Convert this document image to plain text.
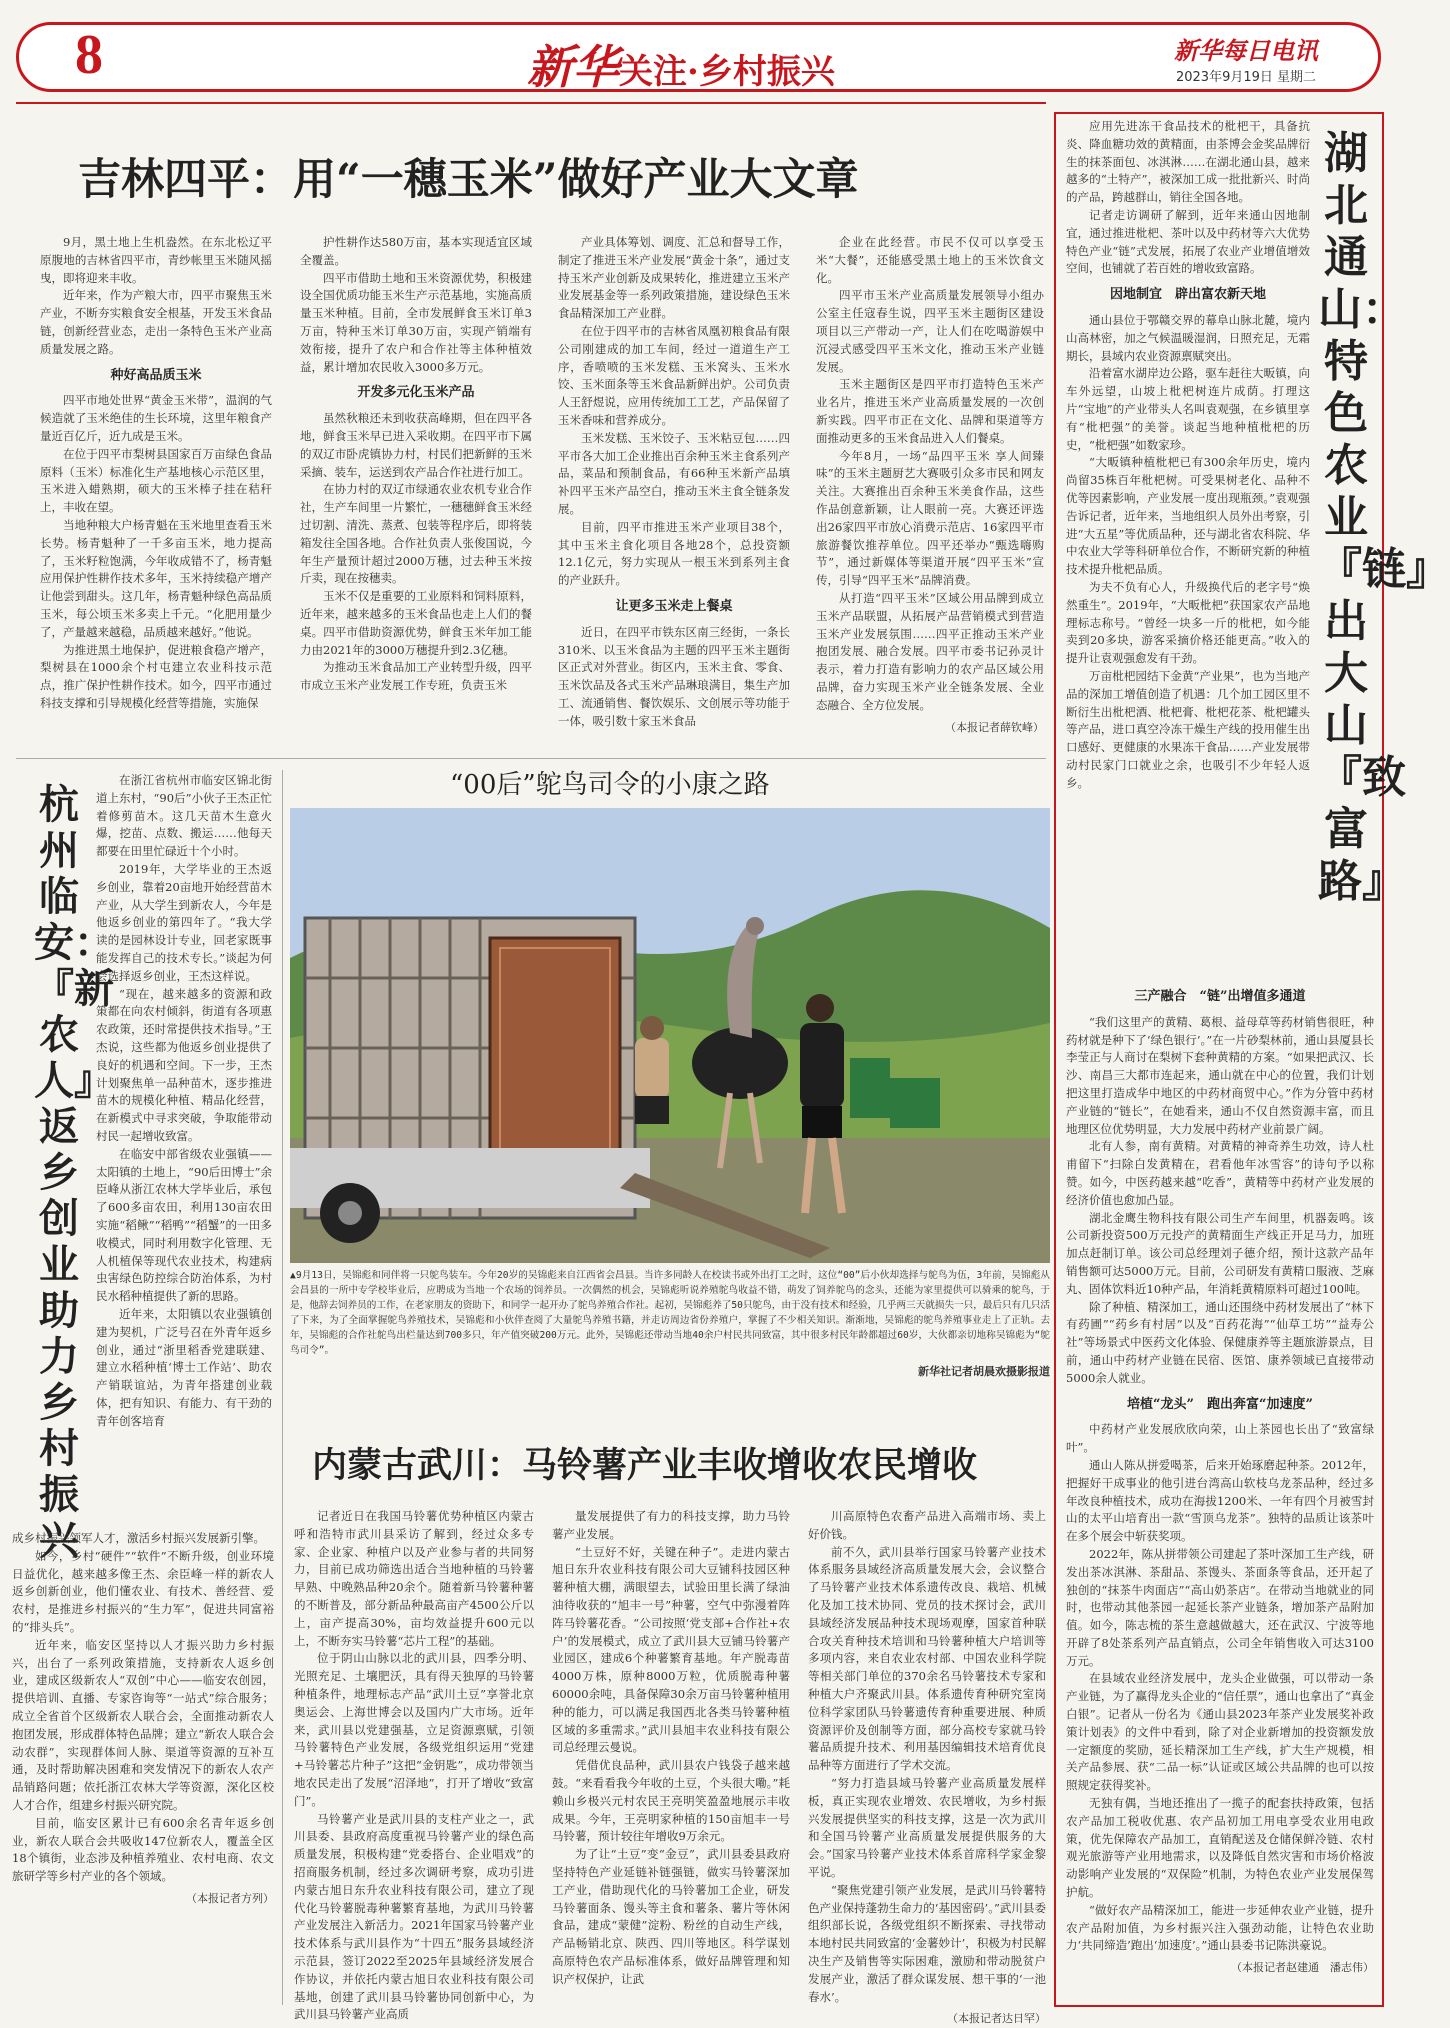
8	新华关注·乡村振兴
新华每日电讯
2023年9月19日 星期二
吉林四平：用“一穗玉米”做好产业大文章

9月，黑土地上生机盎然。在东北松辽平原腹地的吉林省四平市，青纱帐里玉米随风摇曳，即将迎来丰收。

近年来，作为产粮大市，四平市聚焦玉米产业，不断夯实粮食安全根基，开发玉米食品链，创新经营业态，走出一条特色玉米产业高质量发展之路。

种好高品质玉米

四平市地处世界“黄金玉米带”，温润的气候造就了玉米绝佳的生长环境，这里年粮食产量近百亿斤，近九成是玉米。

在位于四平市梨树县国家百万亩绿色食品原料（玉米）标准化生产基地核心示范区里，玉米进入蜡熟期，硕大的玉米棒子挂在秸秆上，丰收在望。

当地种粮大户杨青魁在玉米地里查看玉米长势。杨青魁种了一千多亩玉米，地力提高了，玉米籽粒饱满，今年收成错不了，杨青魁应用保护性耕作技术多年，玉米持续稳产增产让他尝到甜头。这几年，杨青魁种绿色高品质玉米，每公顷玉米多卖上千元。“化肥用量少了，产量越来越稳，品质越来越好。”他说。

为推进黑土地保护，促进粮食稳产增产，梨树县在1000余个村屯建立农业科技示范点，推广保护性耕作技术。如今，四平市通过科技支撑和引导规模化经营等措施，实施保

护性耕作达580万亩，基本实现适宜区域全覆盖。

四平市借助土地和玉米资源优势，积极建设全国优质功能玉米生产示范基地，实施高质量玉米种植。目前，全市发展鲜食玉米订单3万亩，特种玉米订单30万亩，实现产销端有效衔接，提升了农户和合作社等主体种植效益，累计增加农民收入3000多万元。

开发多元化玉米产品

虽然秋粮还未到收获高峰期，但在四平各地，鲜食玉米早已进入采收期。在四平市下属的双辽市卧虎镇协力村，村民们把新鲜的玉米采摘、装车，运送到农产品合作社进行加工。

在协力村的双辽市绿通农业农机专业合作社，生产车间里一片繁忙，一穗穗鲜食玉米经过切割、清洗、蒸煮、包装等程序后，即将装箱发往全国各地。合作社负责人张俊国说，今年生产量预计超过2000万穗，过去种玉米按斤卖，现在按穗卖。

玉米不仅是重要的工业原料和饲料原料，近年来，越来越多的玉米食品也走上人们的餐桌。四平市借助资源优势，鲜食玉米年加工能力由2021年的3000万穗提升到2.3亿穗。

为推动玉米食品加工产业转型升级，四平市成立玉米产业发展工作专班，负责玉米

产业具体筹划、调度、汇总和督导工作，制定了推进玉米产业发展“黄金十条”，通过支持玉米产业创新及成果转化，推进建立玉米产业发展基金等一系列政策措施，建设绿色玉米食品精深加工产业群。

在位于四平市的吉林省凤凰初粮食品有限公司刚建成的加工车间，经过一道道生产工序，香喷喷的玉米发糕、玉米窝头、玉米水饺、玉米面条等玉米食品新鲜出炉。公司负责人王舒煜说，应用传统加工工艺，产品保留了玉米香味和营养成分。

玉米发糕、玉米饺子、玉米粘豆包……四平市各大加工企业推出百余种玉米主食系列产品，菜品和预制食品，有66种玉米新产品填补四平玉米产品空白，推动玉米主食全链条发展。

目前，四平市推进玉米产业项目38个，其中玉米主食化项目各地28个，总投资额12.1亿元，努力实现从一根玉米到系列主食的产业跃升。

让更多玉米走上餐桌

近日，在四平市铁东区南三经街，一条长310米、以玉米食品为主题的四平玉米主题街区正式对外营业。街区内，玉米主食、零食、玉米饮品及各式玉米产品琳琅满目，集生产加工、流通销售、餐饮娱乐、文创展示等功能于一体，吸引数十家玉米食品

企业在此经营。市民不仅可以享受玉米“大餐”，还能感受黑土地上的玉米饮食文化。

四平市玉米产业高质量发展领导小组办公室主任寇春生说，四平玉米主题街区建设项目以三产带动一产，让人们在吃喝游娱中沉浸式感受四平玉米文化，推动玉米产业链发展。

玉米主题街区是四平市打造特色玉米产业名片，推进玉米产业高质量发展的一次创新实践。四平市正在文化、品牌和渠道等方面推动更多的玉米食品进入人们餐桌。

今年8月，一场“品四平玉米 享人间臻味”的玉米主题厨艺大赛吸引众多市民和网友关注。大赛推出百余种玉米美食作品，这些作品创意新颖，让人眼前一亮。大赛还评选出26家四平市放心消费示范店、16家四平市旅游餐饮推荐单位。四平还举办“甄选嗨购节”，通过新媒体等渠道开展“四平玉米”宣传，引导“四平玉米”品牌消费。

从打造“四平玉米”区域公用品牌到成立玉米产品联盟，从拓展产品营销模式到营造玉米产业发展氛围……四平正推动玉米产业抱团发展、融合发展。四平市委书记孙灵计表示，着力打造有影响力的农产品区域公用品牌，奋力实现玉米产业全链条发展、全业态融合、全方位发展。

（本报记者薛钦峰）
杭州临安：『新农人』返乡创业助力乡村振兴

在浙江省杭州市临安区锦北街道上东村，“90后”小伙子王杰正忙着修剪苗木。这几天苗木生意火爆，挖苗、点数、搬运……他每天都要在田里忙碌近十个小时。

2019年，大学毕业的王杰返乡创业，靠着20亩地开始经营苗木产业，从大学生到新农人，今年是他返乡创业的第四年了。“我大学读的是园林设计专业，回老家既事能发挥自己的技术专长。”谈起为何会选择返乡创业，王杰这样说。

“现在，越来越多的资源和政策都在向农村倾斜，街道有各项惠农政策，还时常提供技术指导。”王杰说，这些都为他返乡创业提供了良好的机遇和空间。下一步，王杰计划聚焦单一品种苗木，逐步推进苗木的规模化种植、精品化经营，在新模式中寻求突破，争取能带动村民一起增收致富。

在临安中部省级农业强镇——太阳镇的土地上，“90后田博士”余臣峰从浙江农林大学毕业后，承包了600多亩农田，利用130亩农田实施“稻鳅”“稻鸭”“稻蟹”的一田多收模式，同时利用数字化管理、无人机植保等现代农业技术，构建病虫害绿色防控综合防治体系，为村民水稻种植提供了新的思路。

近年来，太阳镇以农业强镇创建为契机，广泛号召在外青年返乡创业，通过“浙里稻香党建联建、建立水稻种植‘博士工作站’、助农产销联谊站，为青年搭建创业载体，把有知识、有能力、有干劲的青年创客培育

成乡村振兴领军人才，激活乡村振兴发展新引擎。

如今，乡村“硬件”“软件”不断升级，创业环境日益优化，越来越多像王杰、余臣峰一样的新农人返乡创新创业，他们懂农业、有技术、善经营、爱农村，是推进乡村振兴的“生力军”，促进共同富裕的“排头兵”。

近年来，临安区坚持以人才振兴助力乡村振兴，出台了一系列政策措施，支持新农人返乡创业，建成区级新农人“双创”中心——临安农创园，提供培训、直播、专家咨询等“一站式”综合服务；成立全省首个区级新农人联合会，全面推动新农人抱团发展，形成群体特色品牌；建立“新农人联合会动农群”，实现群体间人脉、渠道等资源的互补互通，及时帮助解决困难和突发情况下的新农人农产品销路问题；依托浙江农林大学等资源，深化区校人才合作，组建乡村振兴研究院。

目前，临安区累计已有600余名青年返乡创业，新农人联合会共吸收147位新农人，覆盖全区18个镇街，业态涉及种植养殖业、农村电商、农文旅研学等乡村产业的各个领域。

（本报记者方列）
“00后”鸵鸟司令的小康之路
▲9月13日，吴锦彪和同伴将一只鸵鸟装车。今年20岁的吴锦彪来自江西省会昌县。当许多同龄人在校读书或外出打工之时，这位“00”后小伙却选择与鸵鸟为伍，3年前，吴锦彪从会昌县的一所中专学校毕业后，应聘成为当地一个农场的饲养员。一次偶然的机会，吴锦彪听说养殖鸵鸟收益不错，萌发了饲养鸵鸟的念头，还能为家里提供可以骑乘的鸵鸟，于是，他辞去饲养员的工作，在老家朋友的资助下，和同学一起开办了鸵鸟养殖合作社。起初，吴锦彪养了50只鸵鸟，由于没有技术和经验，几乎两三天就损失一只，最后只有几只活了下来，为了全面掌握鸵鸟养殖技术，吴锦彪和小伙伴查阅了大量鸵鸟养殖书籍，并走访周边省份养殖户，掌握了不少相关知识。渐渐地，吴锦彪的鸵鸟养殖事业走上了正轨。去年，吴锦彪的合作社鸵鸟出栏量达到700多只，年产值突破200万元。此外，吴锦彪还带动当地40余户村民共同致富，其中很多村民年龄都超过60岁，大伙都亲切地称吴锦彪为“鸵鸟司令”。
新华社记者胡晨欢摄影报道
内蒙古武川：马铃薯产业丰收增收农民增收

记者近日在我国马铃薯优势种植区内蒙古呼和浩特市武川县采访了解到，经过众多专家、企业家、种植户以及产业参与者的共同努力，目前已成功筛选出适合当地种植的马铃薯早熟、中晚熟品种20余个。随着新马铃薯种薯的不断普及，部分新品种最高亩产4500公斤以上，亩产提高30%，亩均效益提升600元以上，不断夯实马铃薯“芯片工程”的基础。

位于阴山山脉以北的武川县，四季分明、光照充足、土壤肥沃，具有得天独厚的马铃薯种植条件，地理标志产品“武川土豆”享誉北京奥运会、上海世博会以及国内广大市场。近年来，武川县以党建强基，立足资源禀赋，引领马铃薯特色产业发展，各级党组织运用“党建+马铃薯芯片种子”这把“金钥匙”，成功带领当地农民走出了发展“沼泽地”，打开了增收“致富门”。

马铃薯产业是武川县的支柱产业之一，武川县委、县政府高度重视马铃薯产业的绿色高质量发展，积极构建“党委搭台、企业唱戏”的招商服务机制，经过多次调研考察，成功引进内蒙古旭日东升农业科技有限公司，建立了现代化马铃薯脱毒种薯繁育基地，为武川马铃薯产业发展注入新活力。2021年国家马铃薯产业技术体系与武川县作为“十四五”服务县域经济示范县，签订2022至2025年县域经济发展合作协议，并依托内蒙古旭日农业科技有限公司基地，创建了武川县马铃薯协同创新中心，为武川县马铃薯产业高质

量发展提供了有力的科技支撑，助力马铃薯产业发展。

“土豆好不好，关键在种子”。走进内蒙古旭日东升农业科技有限公司大豆铺科技园区种薯种植大棚，满眼望去，试验田里长满了绿油油待收获的“旭丰一号”种薯，空气中弥漫着阵阵马铃薯花香。“公司按照‘党支部+合作社+农户’的发展模式，成立了武川县大豆铺马铃薯产业园区，建成6个种薯繁育基地。年产脱毒苗4000万株，原种8000万粒，优质脱毒种薯60000余吨，具备保障30余万亩马铃薯种植用种的能力，可以满足我国西北各类马铃薯种植区域的多重需求。”武川县旭丰农业科技有限公司总经理云曼说。

凭借优良品种，武川县农户钱袋子越来越鼓。“来看看我今年收的土豆，个头很大嘞。”耗赖山乡极兴元村农民王亮明笑盈盈地展示丰收成果。今年，王亮明家种植的150亩旭丰一号马铃薯，预计较往年增收9万余元。

为了让“土豆”变“金豆”，武川县委县政府坚持特色产业延链补链强链，做实马铃薯深加工产业，借助现代化的马铃薯加工企业，研发马铃薯面条、馒头等主食和薯条、薯片等休闲食品，建成“蒙健”淀粉、粉丝的自动生产线，产品畅销北京、陕西、四川等地区。科学谋划高原特色农产品标准体系，做好品牌管理和知识产权保护，让武

川高原特色农畜产品进入高端市场、卖上好价钱。

前不久，武川县举行国家马铃薯产业技术体系服务县域经济高质量发展大会，会议整合了马铃薯产业技术体系遗传改良、栽培、机械化及加工技术协同、党员的技术探讨会，武川县域经济发展品种技术现场观摩，国家首种联合攻关育种技术培训和马铃薯种植大户培训等多项内容，来自农业农村部、中国农业科学院等相关部门单位的370余名马铃薯技术专家和种植大户齐聚武川县。体系遗传育种研究室岗位科学家团队马铃薯遗传育种重要进展、种质资源评价及创制等方面，部分高校专家就马铃薯品质提升技术、利用基因编辑技术培育优良品种等方面进行了学术交流。

“努力打造县域马铃薯产业高质量发展样板，真正实现农业增效、农民增收，为乡村振兴发展提供坚实的科技支撑，这是一次为武川和全国马铃薯产业高质量发展提供服务的大会。”国家马铃薯产业技术体系首席科学家金黎平说。

“聚焦党建引领产业发展，是武川马铃薯特色产业保持蓬勃生命力的‘基因密码’。”武川县委组织部长说，各级党组织不断探索、寻找带动本地村民共同致富的‘金薯妙计’，积极为村民解决生产及销售等实际困难，激励和带动脱贫户发展产业，激活了群众谋发展、想干事的‘一池春水’。

（本报记者达日罕）
湖北通山：特色农业『链』出大山『致富路』

应用先进冻干食品技术的枇杷干，具备抗炎、降血糖功效的黄精面，由茶博会金奖品牌衍生的抹茶面包、冰淇淋……在湖北通山县，越来越多的“土特产”，被深加工成一批批新兴、时尚的产品，跨越群山，销往全国各地。

记者走访调研了解到，近年来通山因地制宜，通过推进枇杷、茶叶以及中药材等六大优势特色产业“链”式发展，拓展了农业产业增值增效空间，也铺就了若百姓的增收致富路。

因地制宜　辟出富农新天地

通山县位于鄂赣交界的幕阜山脉北麓，境内山高林密，加之气候温暖湿润，日照充足，无霜期长，县域内农业资源禀赋突出。

沿着富水湖岸边公路，驱车赶往大畈镇，向车外远望，山坡上枇杷树连片成荫。打理这片“宝地”的产业带头人名叫袁观强，在乡镇里享有“枇杷强”的美誉。谈起当地种植枇杷的历史，“枇杷强”如数家珍。

“大畈镇种植枇杷已有300余年历史，境内尚留35株百年枇杷树。可受果树老化、品种不优等因素影响，产业发展一度出现瓶颈。”袁观强告诉记者，近年来，当地组织人员外出考察，引进“大五星”等优质品种，还与湖北省农科院、华中农业大学等科研单位合作，不断研究新的种植技术提升枇杷品质。

为夫不负有心人，升级换代后的老字号“焕然重生”。2019年，“大畈枇杷”获国家农产品地理标志称号。“曾经一块多一斤的枇杷，如今能卖到20多块，游客采摘价格还能更高。”收入的提升让袁观强愈发有干劲。

万亩枇杷园结下金黄“产业果”，也为当地产品的深加工增值创造了机遇：几个加工园区里不断衍生出枇杷酒、枇杷膏、枇杷花茶、枇杷罐头等产品，进口真空冷冻干燥生产线的投用催生出口感好、更健康的水果冻干食品……产业发展带动村民家门口就业之余，也吸引不少年轻人返乡。

三产融合　“链”出增值多通道

“我们这里产的黄精、葛根、益母草等药材销售很旺，种药材就是种下了‘绿色银行’。”在一片砂梨林前，通山县厦县长李莹正与人商讨在梨树下套种黄精的方案。“如果把武汉、长沙、南昌三大都市连起来，通山就在中心的位置，我们计划把这里打造成华中地区的中药材商贸中心。”作为分管中药材产业链的“链长”，在她看来，通山不仅自然资源丰富，而且地理区位优势明显，大力发展中药材产业前景广阔。

北有人参，南有黄精。对黄精的神奇养生功效，诗人杜甫留下“扫除白发黄精在，君看他年冰雪容”的诗句予以称赞。如今，中医药越来越“吃香”，黄精等中药材产业发展的经济价值也愈加凸显。

湖北金鹰生物科技有限公司生产车间里，机器轰鸣。该公司新投资500万元投产的黄精面生产线正开足马力，加班加点赶制订单。该公司总经理刘子德介绍，预计这款产品年销售额可达5000万元。目前，公司研发有黄精口服液、芝麻丸、固体饮料近10种产品，年消耗黄精原料可超过100吨。

除了种植、精深加工，通山还围绕中药材发展出了“林下有药圃”“药乡有村居”以及“百药花海”“仙草工坊”“益寿公社”等场景式中医药文化体验、保健康养等主题旅游景点，目前，通山中药材产业链在民宿、医馆、康养领域已直接带动5000余人就业。

培植“龙头”　跑出奔富“加速度”

中药材产业发展欣欣向荣，山上茶园也长出了“致富绿叶”。

通山人陈从拼爱喝茶，后来开始琢磨起种茶。2012年，把握好干成事业的他引进台湾高山软枝乌龙茶品种，经过多年改良种植技术，成功在海拔1200米、一年有四个月被雪封山的太平山培育出一款“雪顶乌龙茶”。独特的品质让该茶叶在多个展会中斩获奖项。

2022年，陈从拼带领公司建起了茶叶深加工生产线，研发出茶冰淇淋、茶甜品、茶馒头、茶面条等食品，还开起了独创的“抹茶牛肉面店”“高山奶茶店”。在带动当地就业的同时，也带动其他茶园一起延长茶产业链条，增加茶产品附加值。如今，陈志梳的茶生意越做越大，还在武汉、宁波等地开辟了8处茶系列产品直销点，公司全年销售收入可达3100万元。

在县域农业经济发展中，龙头企业做强，可以带动一条产业链，为了赢得龙头企业的“信任票”，通山也拿出了“真金白银”。记者从一份名为《通山县2023年茶产业发展奖补政策计划表》的文件中看到，除了对企业新增加的投资额发放一定额度的奖励，延长精深加工生产线，扩大生产规模，相关产品参展、获“二品一标”认证或区域公共品牌的也可以按照规定获得奖补。

无独有偶，当地还推出了一揽子的配套扶持政策，包括农产品加工税收优惠、农产品初加工用电享受农业用电政策，优先保障农产品加工，直销配送及仓储保鲜冷链、农村观光旅游等产业用地需求，以及降低自然灾害和市场价格波动影响产业发展的“双保险”机制，为特色农业产业发展保驾护航。

“做好农产品精深加工，能进一步延伸农业产业链，提升农产品附加值，为乡村振兴注入强劲动能，让特色农业助力‘共同缔造’跑出‘加速度’。”通山县委书记陈洪豪说。

（本报记者赵建通　潘志伟）
